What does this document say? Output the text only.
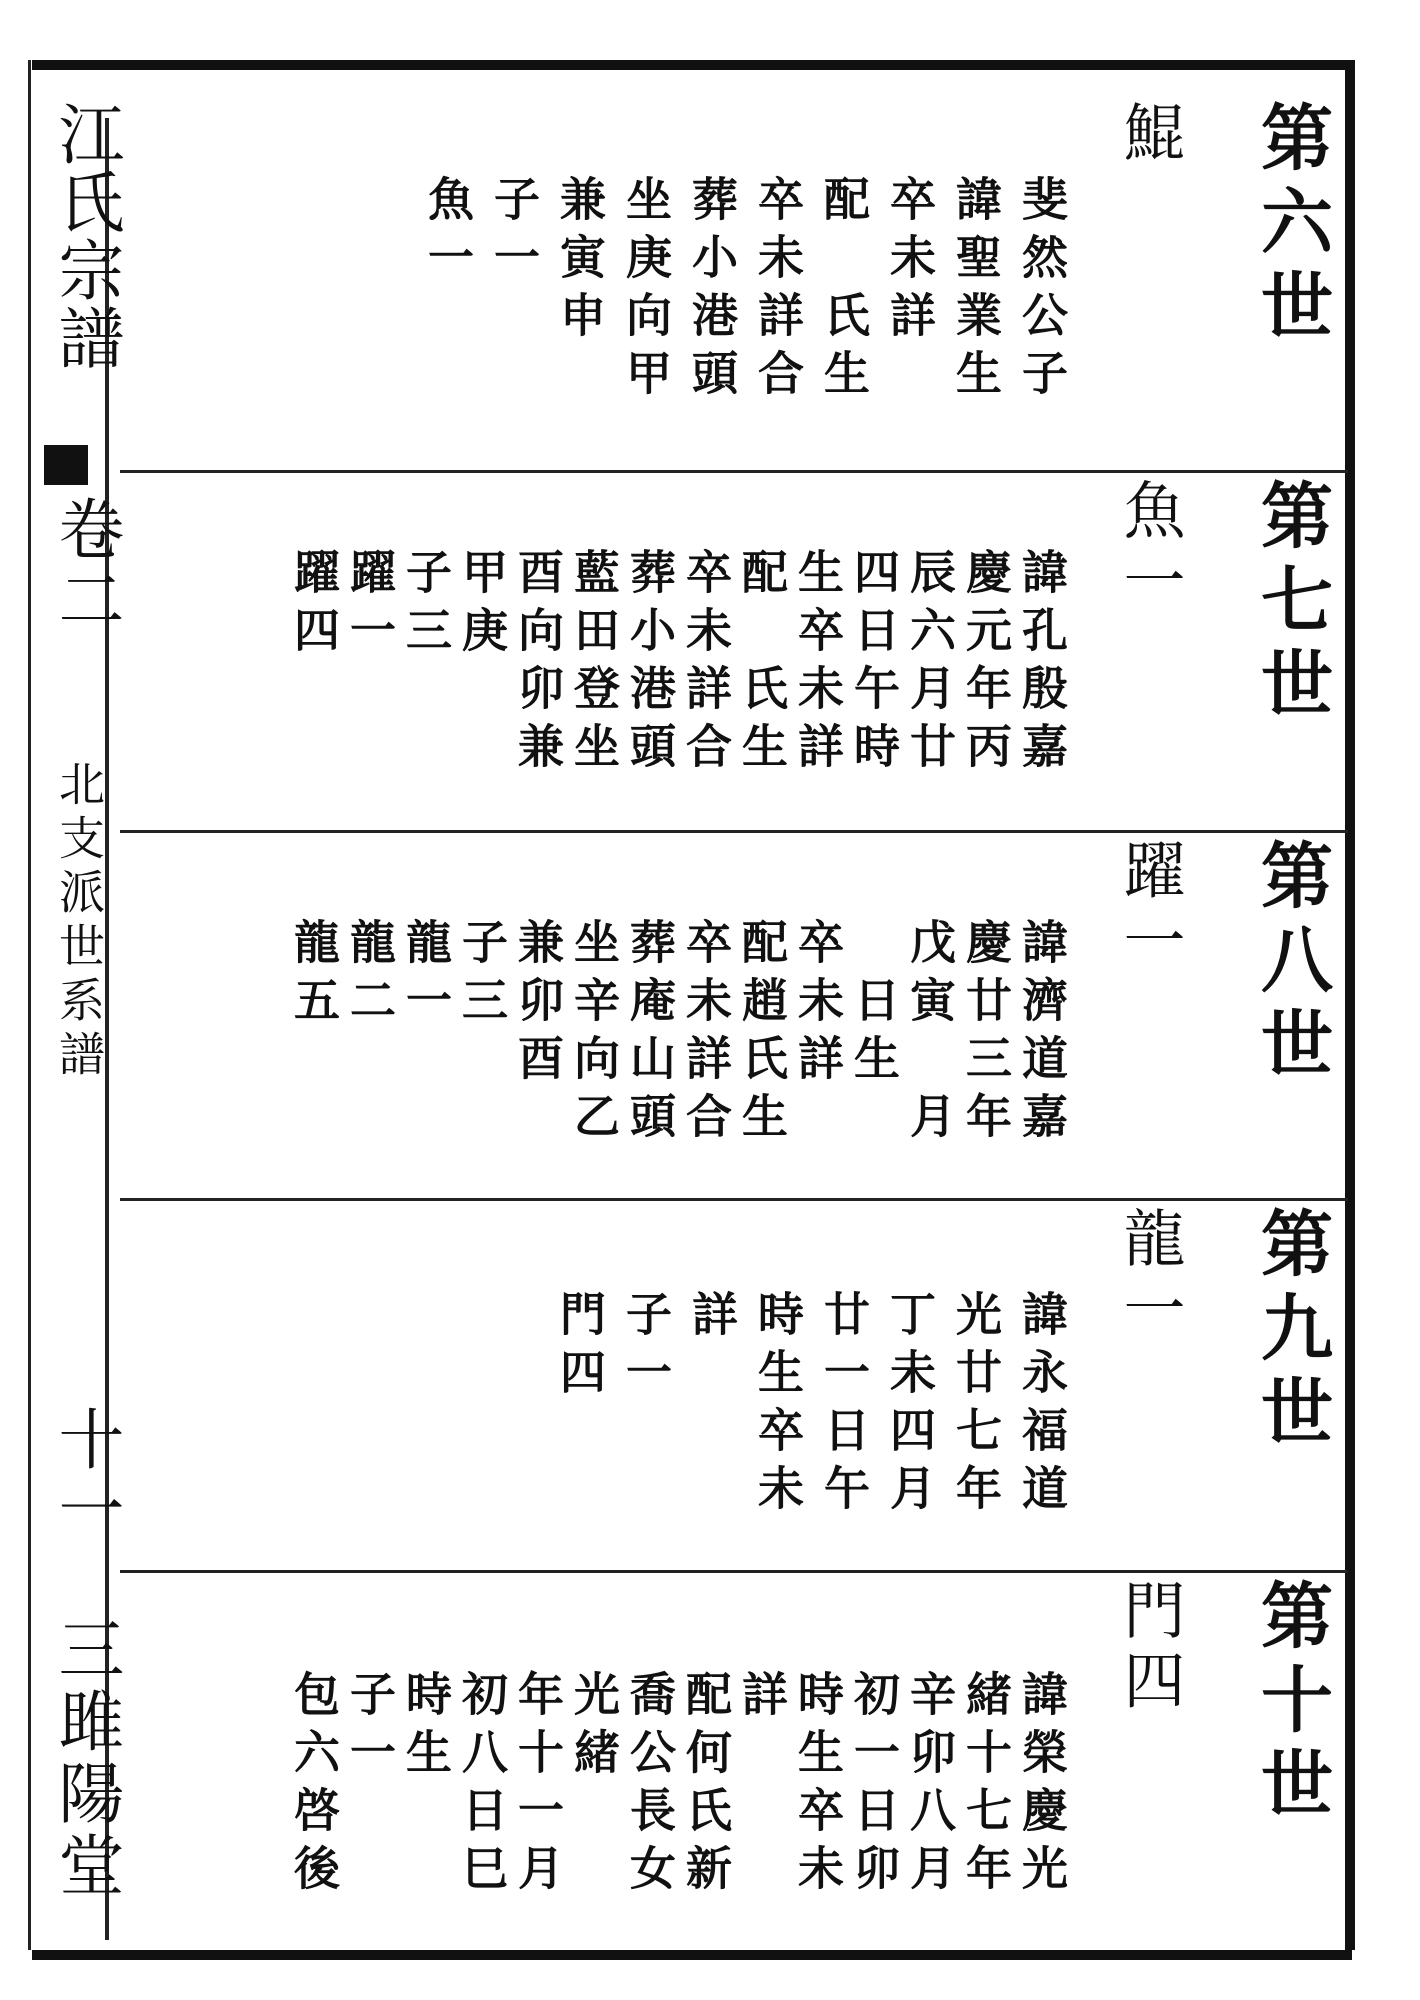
江氏宗譜
卷二
北支派世系譜
十一
三雎陽堂
第六世
鯤
斐然公子
諱聖業生
卒未詳
配　氏生
卒未詳合
葬小港頭
坐庚向甲
兼寅申
子一
魚一
第七世
魚一
諱孔殷嘉
慶元年丙
辰六月廿
四日午時
生卒未詳
配　氏生
卒未詳合
葬小港頭
藍田登坐
酉向卯兼
甲庚
子三
躍一
躍四
第八世
躍一
諱濟道嘉
慶廿三年
戊寅　月
　日生
卒未詳
配趙氏生
卒未詳合
葬庵山頭
坐辛向乙
兼卯酉
子三
龍一
龍二
龍五
第九世
龍一
諱永福道
光廿七年
丁未四月
廿一日午
時生卒未
詳
子一
門四
第十世
門四
諱榮慶光
緒十七年
辛卯八月
初一日卯
時生卒未
詳
配何氏新
喬公長女
光緒
年十一月
初八日巳
時生
子一
包六啓後
